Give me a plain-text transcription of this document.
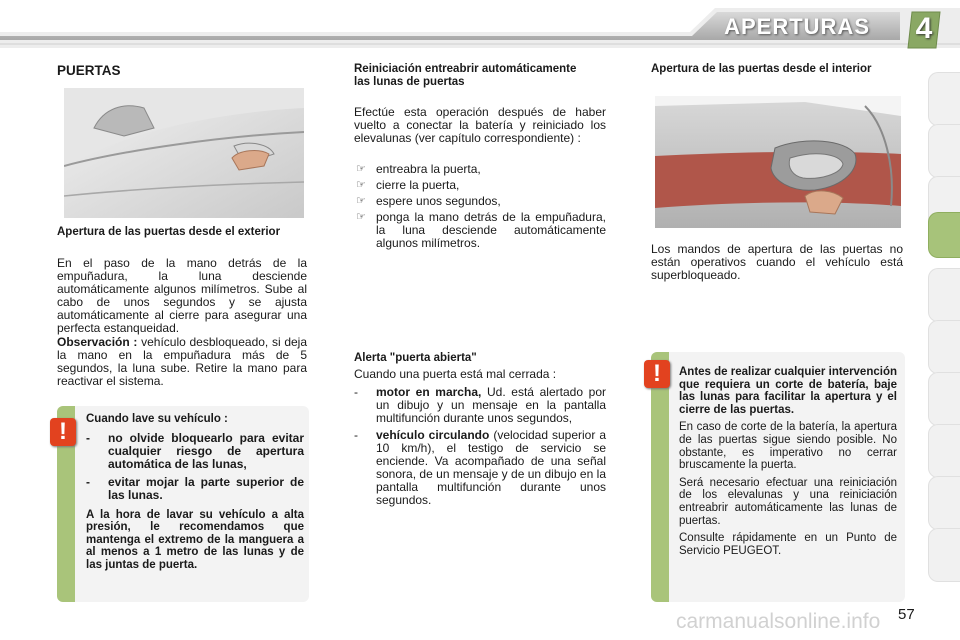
APERTURAS	4
PUERTAS
Apertura de las puertas desde el exterior

En el paso de la mano detrás de la empuñadura, la luna desciende automáticamente algunos milímetros. Sube al cabo de unos segundos y se ajusta automáticamente al cierre para asegurar una perfecta estanqueidad.

Observación : vehículo desbloqueado, si deja la mano en la empuñadura más de 5 segundos, la luna sube. Retire la mano para reactivar el sistema.

!	Cuando lave su vehículo :
- no olvide bloquearlo para evitar cualquier riesgo de apertura automática de las lunas,
- evitar mojar la parte superior de las lunas.
A la hora de lavar su vehículo a alta presión, le recomendamos que mantenga el extremo de la manguera a al menos a 1 metro de las lunas y de las juntas de puerta.
Reiniciación entreabrir automáticamente las lunas de puertas

Efectúe esta operación después de haber vuelto a conectar la batería y reiniciado los elevalunas (ver capítulo correspondiente) :

☞ entreabra la puerta,
☞ cierre la puerta,
☞ espere unos segundos,
☞ ponga la mano detrás de la empuñadura, la luna desciende automáticamente algunos milímetros.
Alerta "puerta abierta"

Cuando una puerta está mal cerrada :

- motor en marcha, Ud. está alertado por un dibujo y un mensaje en la pantalla multifunción durante unos segundos,
- vehículo circulando (velocidad superior a 10 km/h), el testigo de servicio se enciende. Va acompañado de una señal sonora, de un mensaje y de un dibujo en la pantalla multifunción durante unos segundos.
Apertura de las puertas desde el interior

Los mandos de apertura de las puertas no están operativos cuando el vehículo está superbloqueado.

!	Antes de realizar cualquier intervención que requiera un corte de batería, baje las lunas para facilitar la apertura y el cierre de las puertas.
En caso de corte de la batería, la apertura de las puertas sigue siendo posible. No obstante, es imperativo no cerrar bruscamente la puerta.
Será necesario efectuar una reiniciación de los elevalunas y una reiniciación entreabrir automáticamente las lunas de puertas.
Consulte rápidamente en un Punto de Servicio PEUGEOT.
57
carmanualsonline.info
